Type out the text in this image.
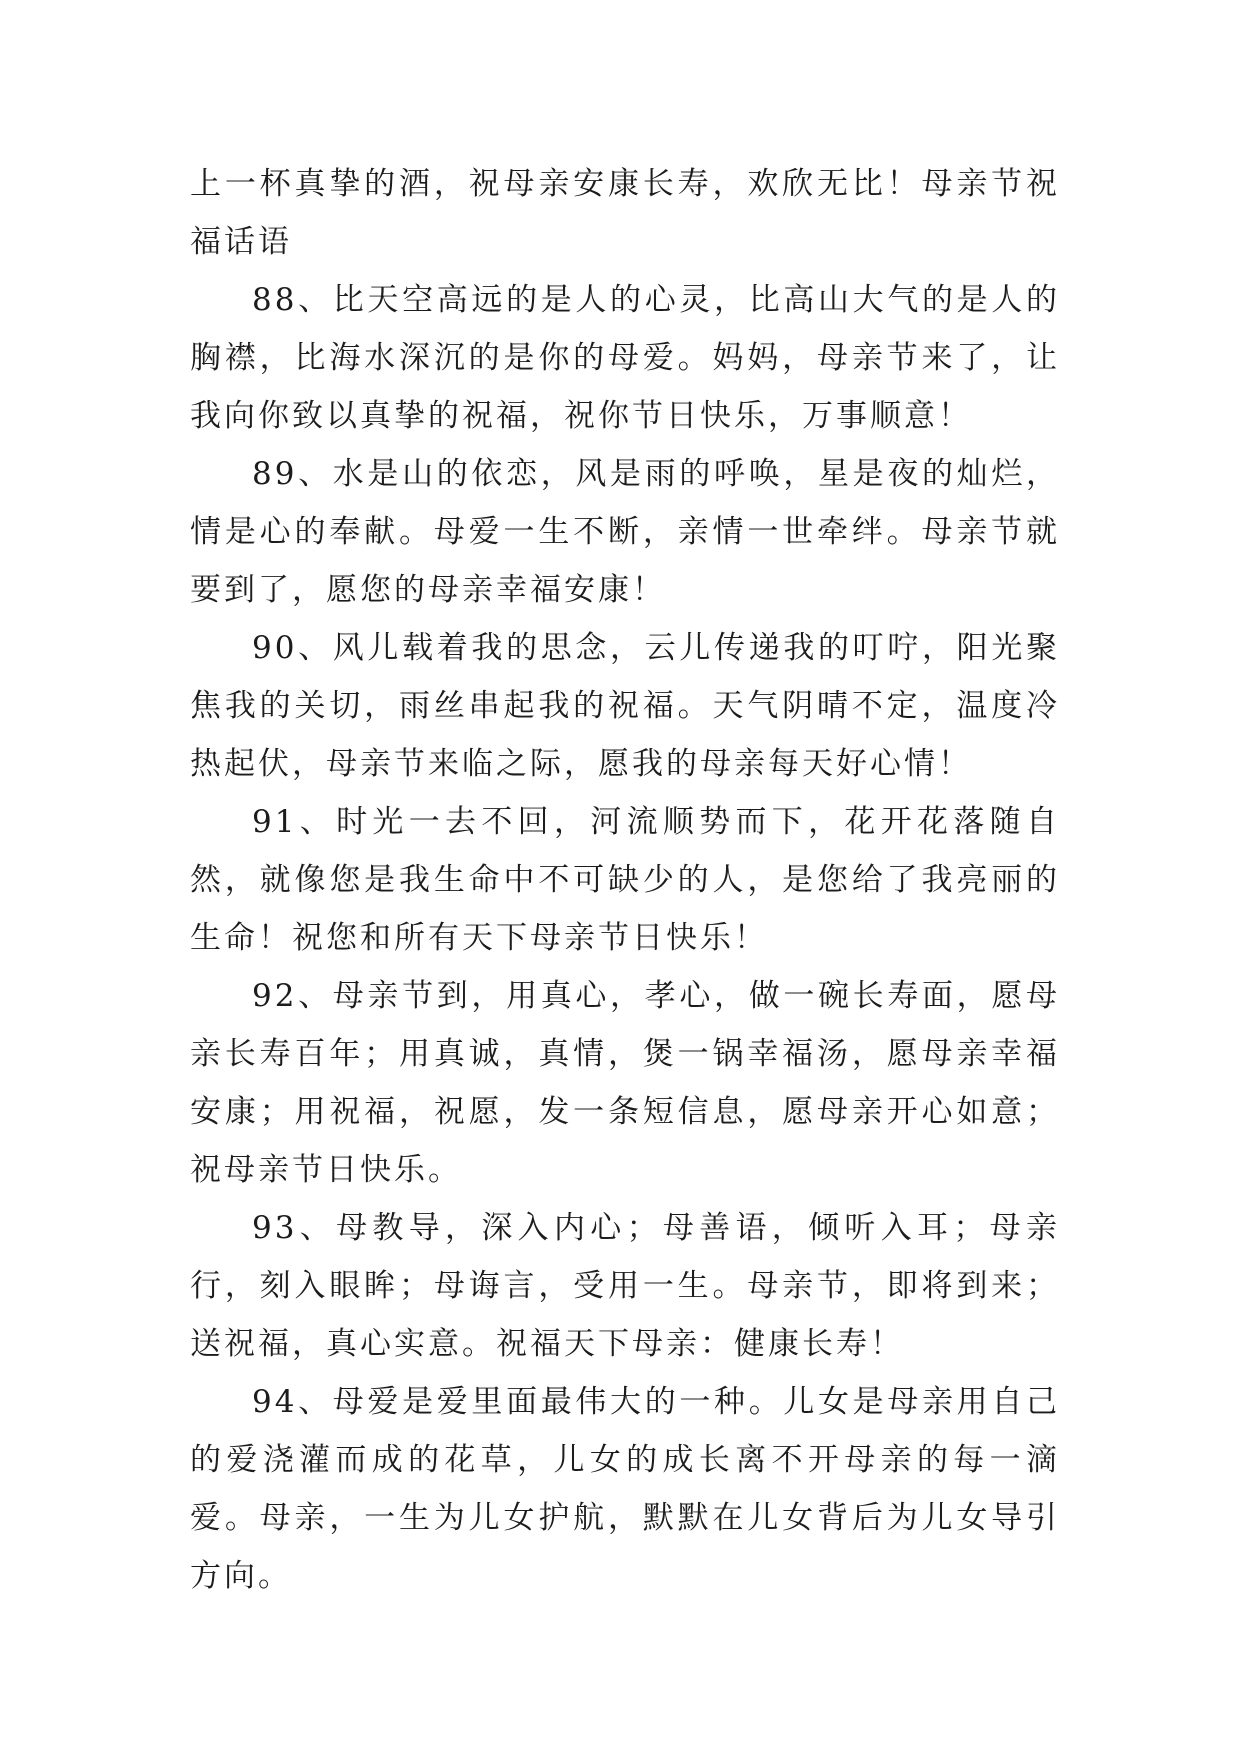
上一杯真挚的酒，祝母亲安康长寿，欢欣无比！母亲节祝福话语

88、比天空高远的是人的心灵，比高山大气的是人的胸襟，比海水深沉的是你的母爱。妈妈，母亲节来了，让我向你致以真挚的祝福，祝你节日快乐，万事顺意！

89、水是山的依恋，风是雨的呼唤，星是夜的灿烂，情是心的奉献。母爱一生不断，亲情一世牵绊。母亲节就要到了，愿您的母亲幸福安康！

90、风儿载着我的思念，云儿传递我的叮咛，阳光聚焦我的关切，雨丝串起我的祝福。天气阴晴不定，温度冷热起伏，母亲节来临之际，愿我的母亲每天好心情！

91、时光一去不回，河流顺势而下，花开花落随自然，就像您是我生命中不可缺少的人，是您给了我亮丽的生命！祝您和所有天下母亲节日快乐！

92、母亲节到，用真心，孝心，做一碗长寿面，愿母亲长寿百年；用真诚，真情，煲一锅幸福汤，愿母亲幸福安康；用祝福，祝愿，发一条短信息，愿母亲开心如意；祝母亲节日快乐。

93、母教导，深入内心；母善语，倾听入耳；母亲行，刻入眼眸；母诲言，受用一生。母亲节，即将到来；送祝福，真心实意。祝福天下母亲：健康长寿！

94、母爱是爱里面最伟大的一种。儿女是母亲用自己的爱浇灌而成的花草，儿女的成长离不开母亲的每一滴爱。母亲，一生为儿女护航，默默在儿女背后为儿女导引方向。
